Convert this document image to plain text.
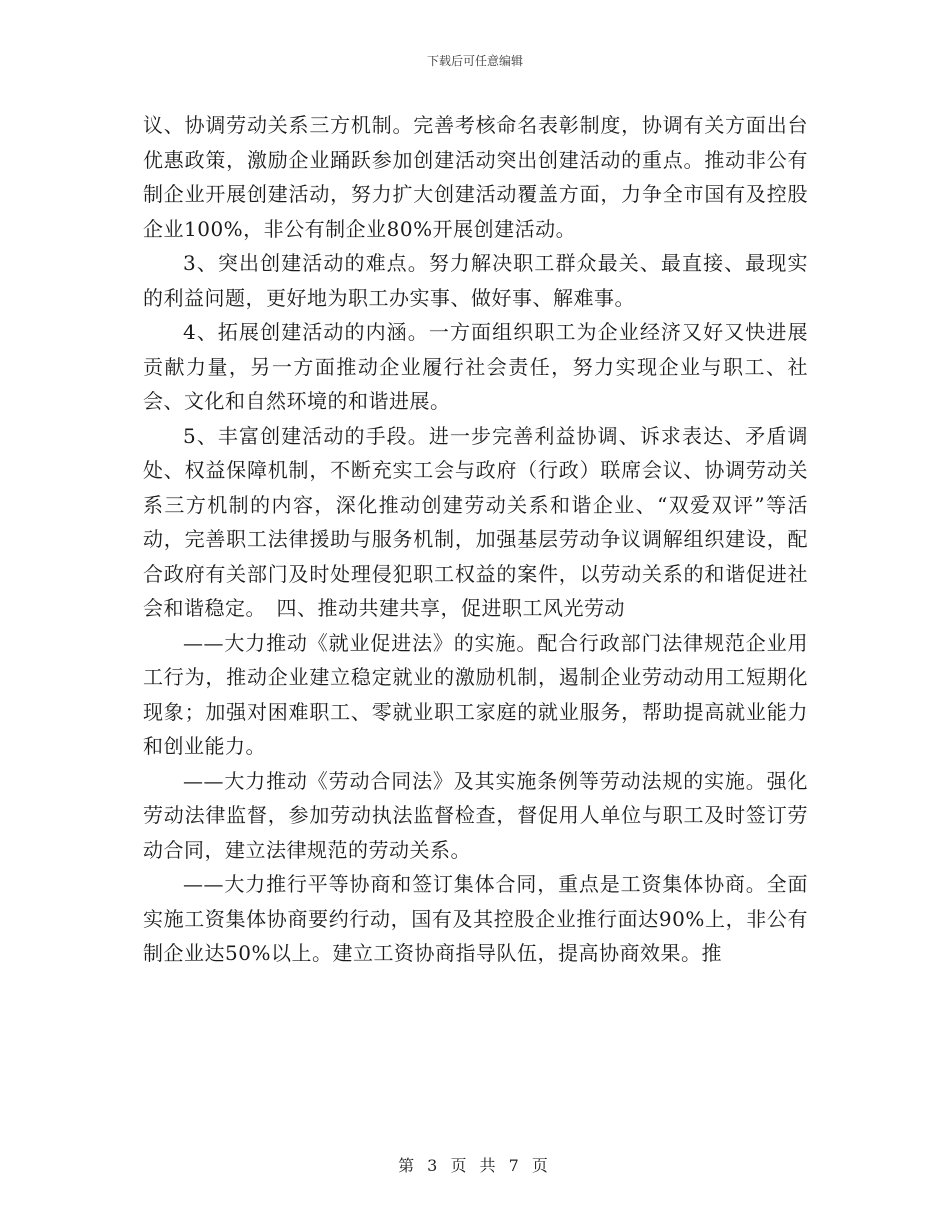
下载后可任意编辑

议、协调劳动关系三方机制。完善考核命名表彰制度，协调有关方面出台优惠政策，激励企业踊跃参加创建活动突出创建活动的重点。推动非公有制企业开展创建活动，努力扩大创建活动覆盖方面，力争全市国有及控股企业100%，非公有制企业80%开展创建活动。

3、突出创建活动的难点。努力解决职工群众最关、最直接、最现实的利益问题，更好地为职工办实事、做好事、解难事。

4、拓展创建活动的内涵。一方面组织职工为企业经济又好又快进展贡献力量，另一方面推动企业履行社会责任，努力实现企业与职工、社会、文化和自然环境的和谐进展。

5、丰富创建活动的手段。进一步完善利益协调、诉求表达、矛盾调处、权益保障机制，不断充实工会与政府（行政）联席会议、协调劳动关系三方机制的内容，深化推动创建劳动关系和谐企业、“双爱双评”等活动，完善职工法律援助与服务机制，加强基层劳动争议调解组织建设，配合政府有关部门及时处理侵犯职工权益的案件，以劳动关系的和谐促进社会和谐稳定。　四、推动共建共享，促进职工风光劳动

——大力推动《就业促进法》的实施。配合行政部门法律规范企业用工行为，推动企业建立稳定就业的激励机制，遏制企业劳动动用工短期化现象；加强对困难职工、零就业职工家庭的就业服务，帮助提高就业能力和创业能力。

——大力推动《劳动合同法》及其实施条例等劳动法规的实施。强化劳动法律监督，参加劳动执法监督检查，督促用人单位与职工及时签订劳动合同，建立法律规范的劳动关系。

——大力推行平等协商和签订集体合同，重点是工资集体协商。全面实施工资集体协商要约行动，国有及其控股企业推行面达90%上，非公有制企业达50%以上。建立工资协商指导队伍，提高协商效果。推

第 3 页 共 7 页
